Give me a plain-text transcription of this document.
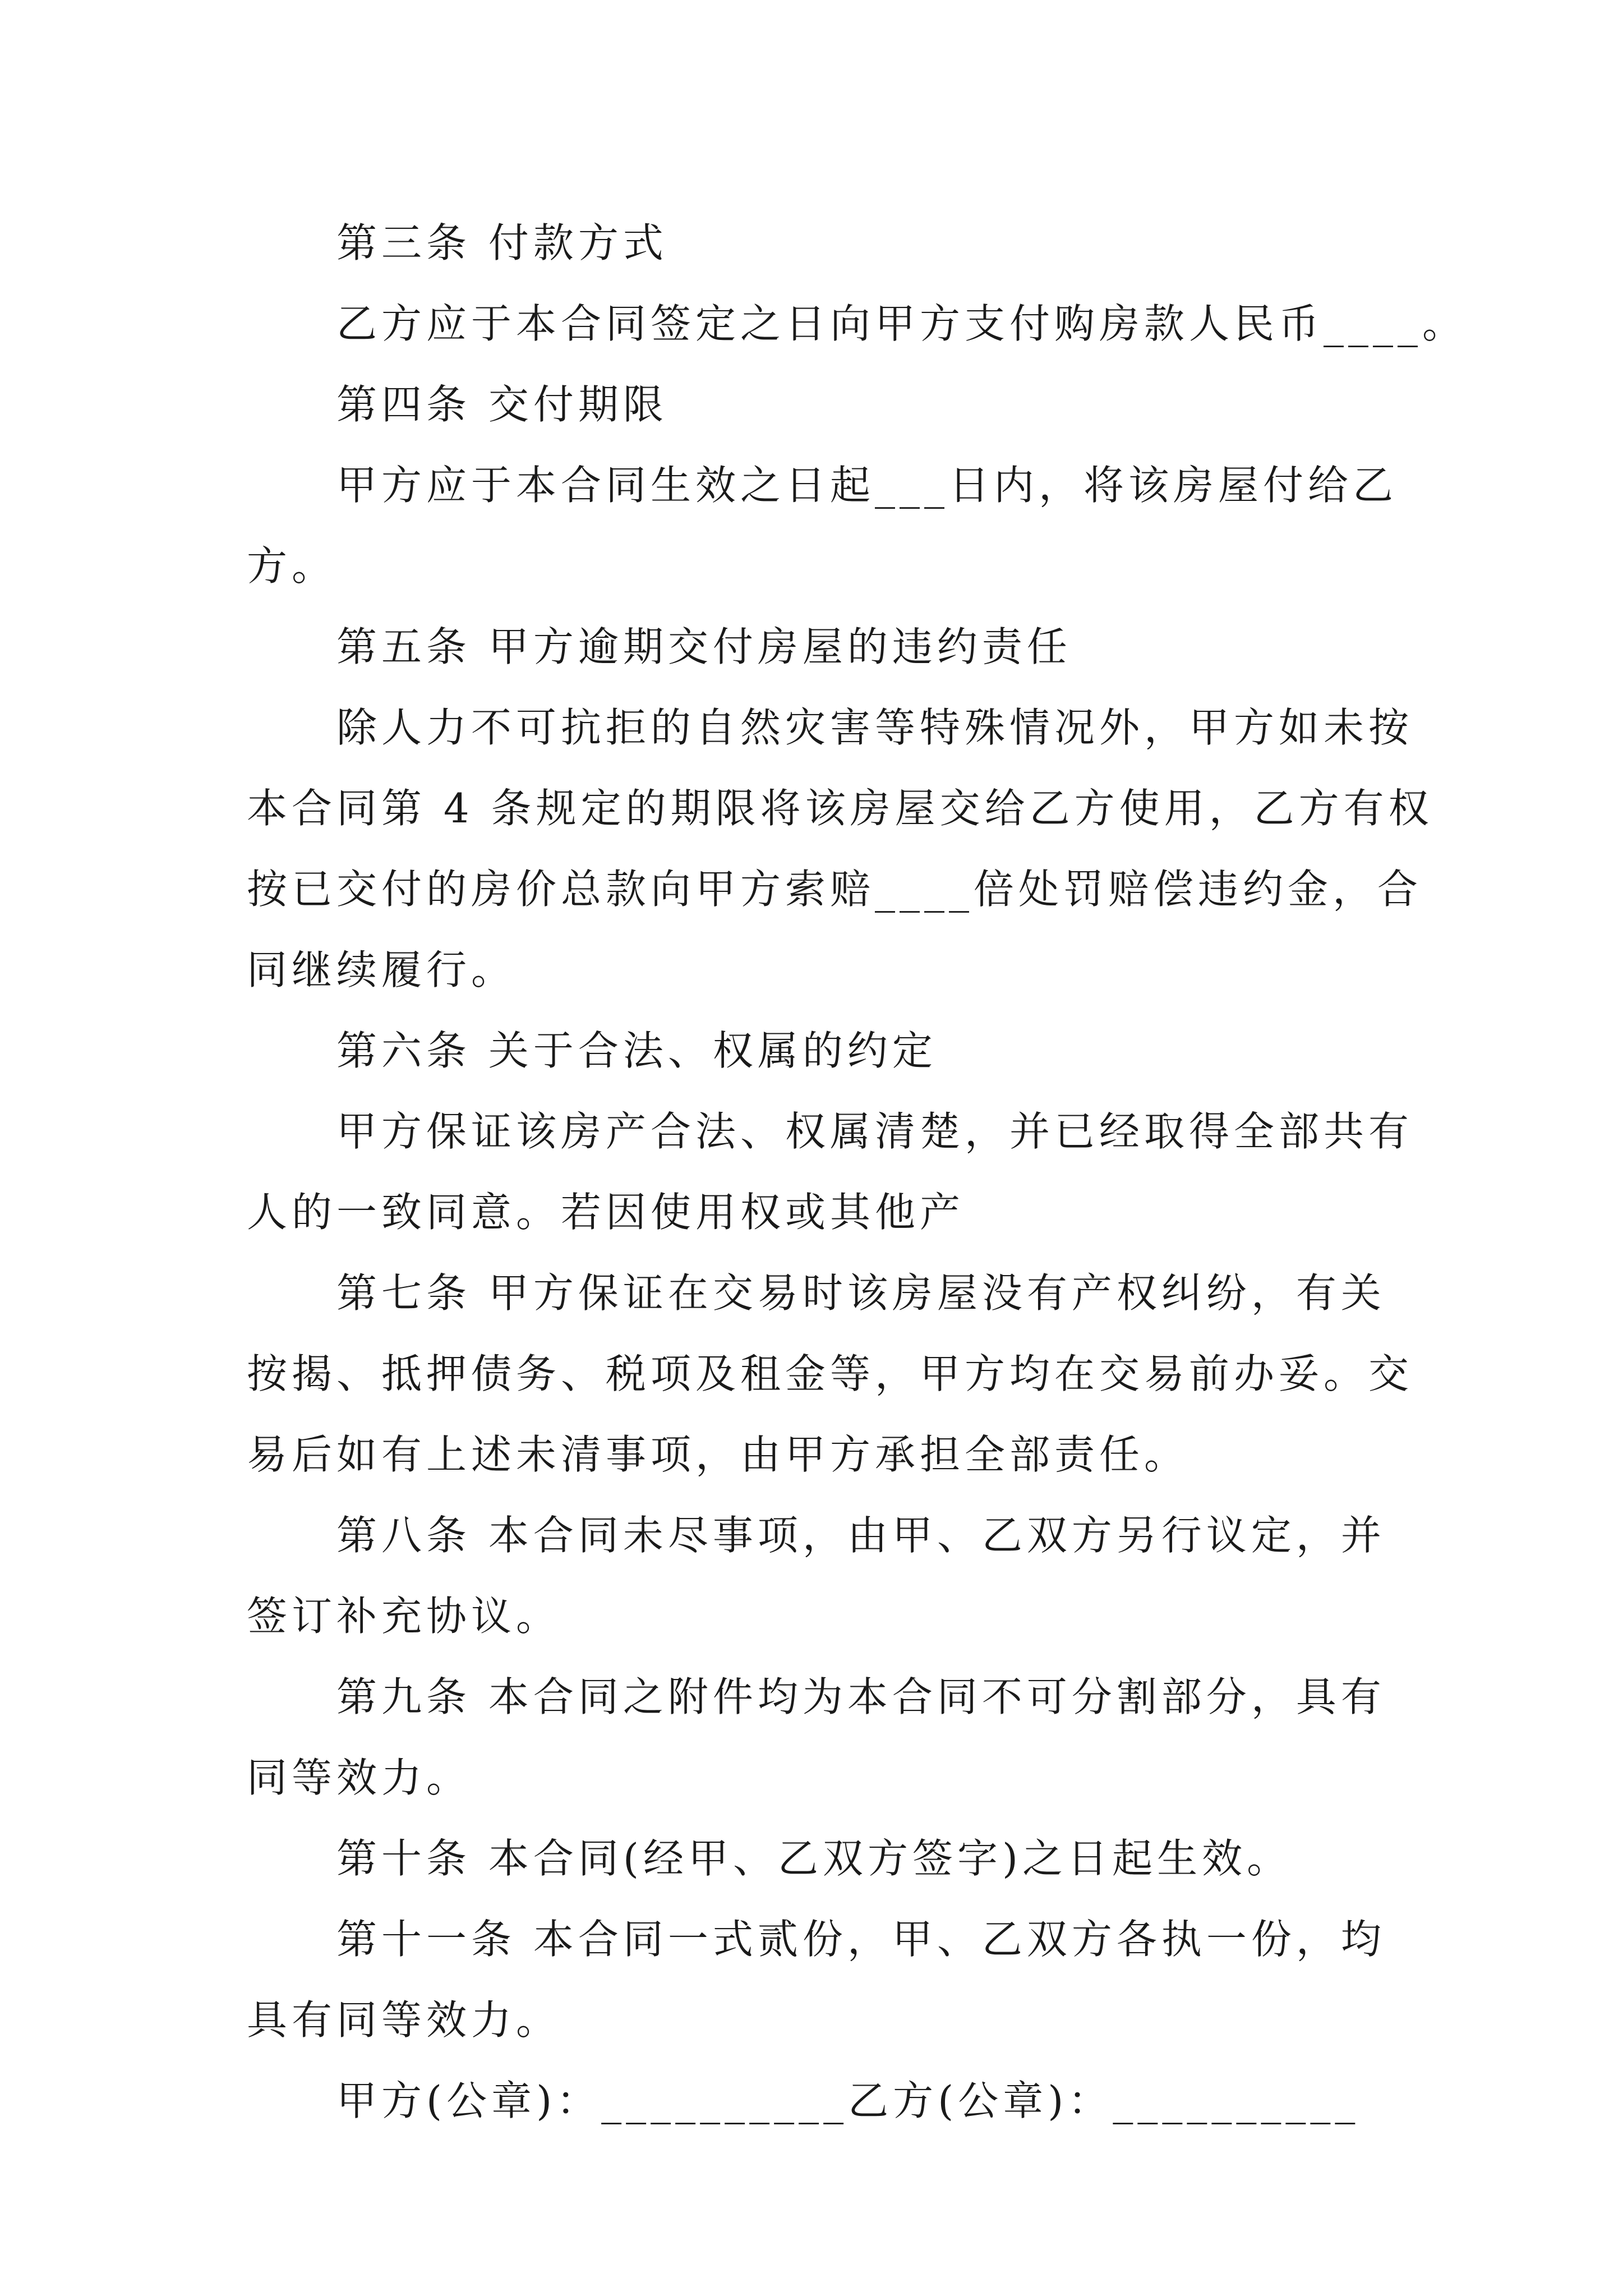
第三条 付款方式
乙方应于本合同签定之日向甲方支付购房款人民币____。
第四条 交付期限
甲方应于本合同生效之日起___日内，将该房屋付给乙
方。
第五条 甲方逾期交付房屋的违约责任
除人力不可抗拒的自然灾害等特殊情况外，甲方如未按
本合同第 4 条规定的期限将该房屋交给乙方使用，乙方有权
按已交付的房价总款向甲方索赔____倍处罚赔偿违约金，合
同继续履行。
第六条 关于合法、权属的约定
甲方保证该房产合法、权属清楚，并已经取得全部共有
人的一致同意。若因使用权或其他产
第七条 甲方保证在交易时该房屋没有产权纠纷，有关
按揭、抵押债务、税项及租金等，甲方均在交易前办妥。交
易后如有上述未清事项，由甲方承担全部责任。
第八条 本合同未尽事项，由甲、乙双方另行议定，并
签订补充协议。
第九条 本合同之附件均为本合同不可分割部分，具有
同等效力。
第十条 本合同(经甲、乙双方签字)之日起生效。
第十一条 本合同一式贰份，甲、乙双方各执一份，均
具有同等效力。
甲方(公章)：__________乙方(公章)：__________
